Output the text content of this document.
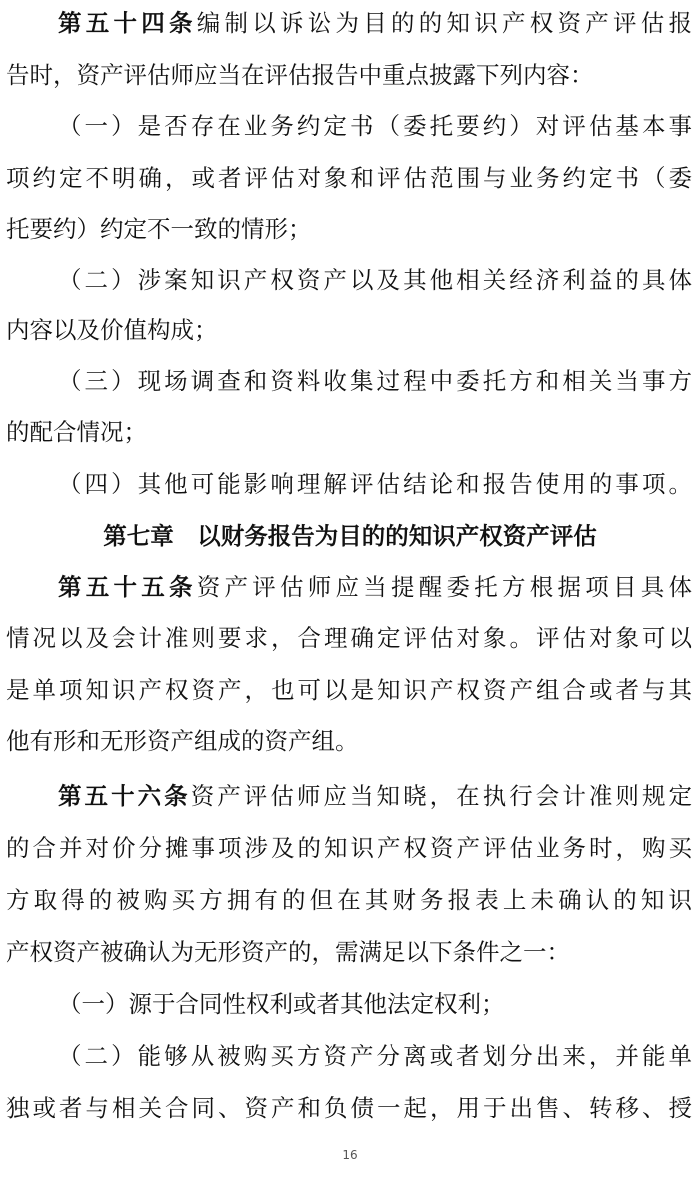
第五十四条编制以诉讼为目的的知识产权资产评估报
告时，资产评估师应当在评估报告中重点披露下列内容：
（一）是否存在业务约定书（委托要约）对评估基本事
项约定不明确，或者评估对象和评估范围与业务约定书（委
托要约）约定不一致的情形；
（二）涉案知识产权资产以及其他相关经济利益的具体
内容以及价值构成；
（三）现场调查和资料收集过程中委托方和相关当事方
的配合情况；
（四）其他可能影响理解评估结论和报告使用的事项。
第七章　以财务报告为目的的知识产权资产评估
第五十五条资产评估师应当提醒委托方根据项目具体
情况以及会计准则要求，合理确定评估对象。评估对象可以
是单项知识产权资产，也可以是知识产权资产组合或者与其
他有形和无形资产组成的资产组。
第五十六条资产评估师应当知晓，在执行会计准则规定
的合并对价分摊事项涉及的知识产权资产评估业务时，购买
方取得的被购买方拥有的但在其财务报表上未确认的知识
产权资产被确认为无形资产的，需满足以下条件之一：
（一）源于合同性权利或者其他法定权利；
（二）能够从被购买方资产分离或者划分出来，并能单
独或者与相关合同、资产和负债一起，用于出售、转移、授
16
